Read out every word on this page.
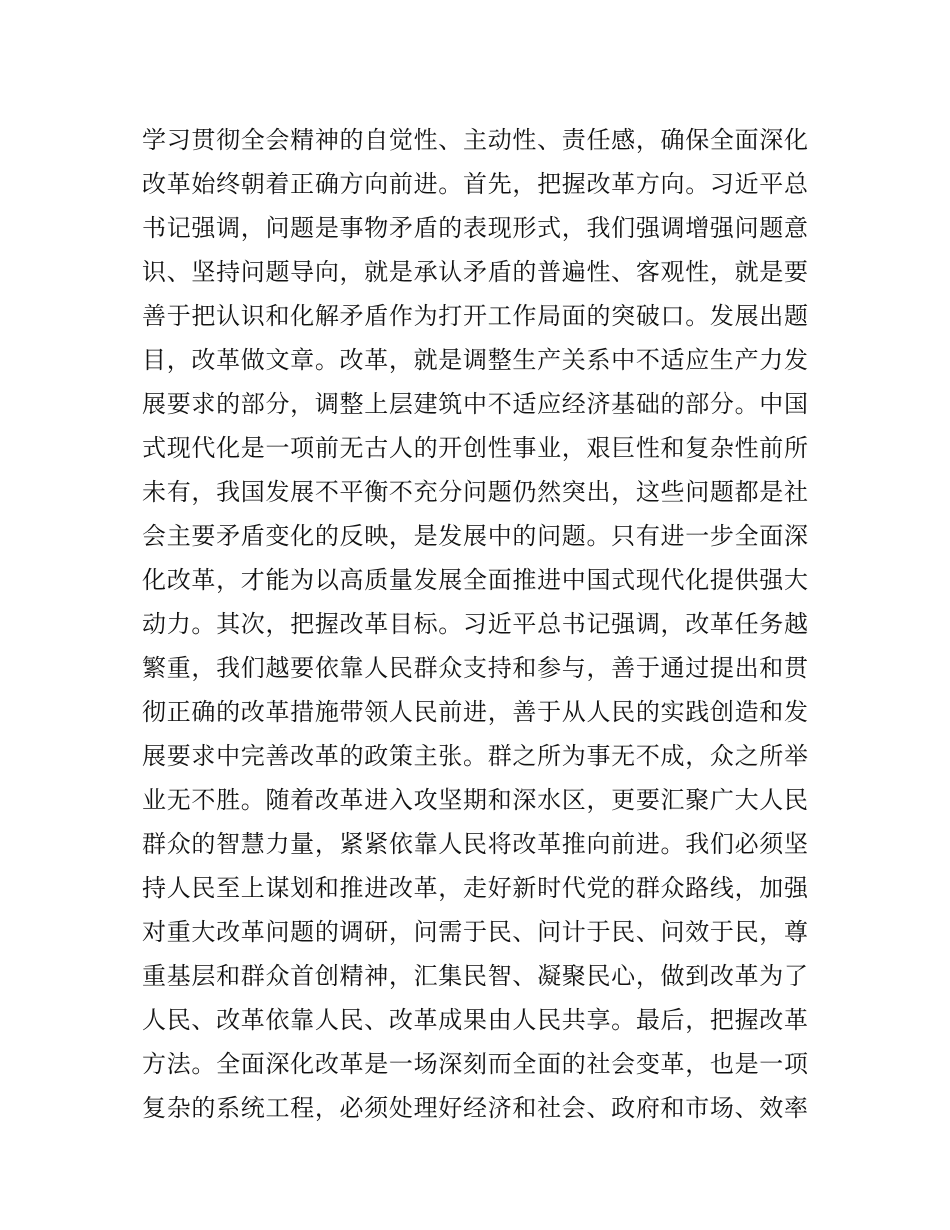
学习贯彻全会精神的自觉性、主动性、责任感，确保全面深化
改革始终朝着正确方向前进。首先，把握改革方向。习近平总
书记强调，问题是事物矛盾的表现形式，我们强调增强问题意
识、坚持问题导向，就是承认矛盾的普遍性、客观性，就是要
善于把认识和化解矛盾作为打开工作局面的突破口。发展出题
目，改革做文章。改革，就是调整生产关系中不适应生产力发
展要求的部分，调整上层建筑中不适应经济基础的部分。中国
式现代化是一项前无古人的开创性事业，艰巨性和复杂性前所
未有，我国发展不平衡不充分问题仍然突出，这些问题都是社
会主要矛盾变化的反映，是发展中的问题。只有进一步全面深
化改革，才能为以高质量发展全面推进中国式现代化提供强大
动力。其次，把握改革目标。习近平总书记强调，改革任务越
繁重，我们越要依靠人民群众支持和参与，善于通过提出和贯
彻正确的改革措施带领人民前进，善于从人民的实践创造和发
展要求中完善改革的政策主张。群之所为事无不成，众之所举
业无不胜。随着改革进入攻坚期和深水区，更要汇聚广大人民
群众的智慧力量，紧紧依靠人民将改革推向前进。我们必须坚
持人民至上谋划和推进改革，走好新时代党的群众路线，加强
对重大改革问题的调研，问需于民、问计于民、问效于民，尊
重基层和群众首创精神，汇集民智、凝聚民心，做到改革为了
人民、改革依靠人民、改革成果由人民共享。最后，把握改革
方法。全面深化改革是一场深刻而全面的社会变革，也是一项
复杂的系统工程，必须处理好经济和社会、政府和市场、效率
